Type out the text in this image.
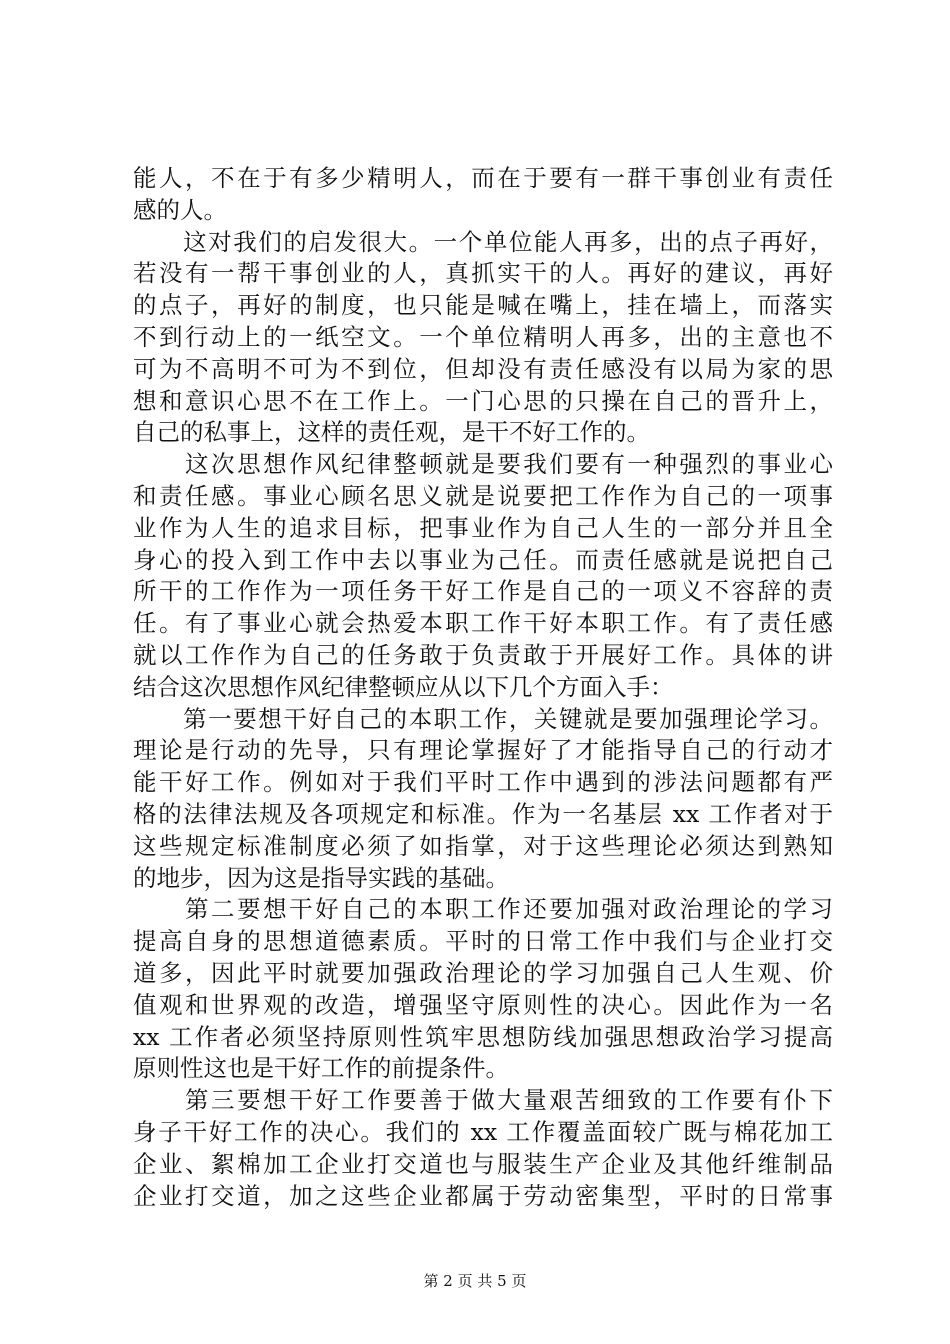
能人，不在于有多少精明人，而在于要有一群干事创业有责任
感的人。
　　这对我们的启发很大。一个单位能人再多，出的点子再好，
若没有一帮干事创业的人，真抓实干的人。再好的建议，再好
的点子，再好的制度，也只能是喊在嘴上，挂在墙上，而落实
不到行动上的一纸空文。一个单位精明人再多，出的主意也不
可为不高明不可为不到位，但却没有责任感没有以局为家的思
想和意识心思不在工作上。一门心思的只操在自己的晋升上，
自己的私事上，这样的责任观，是干不好工作的。
　　这次思想作风纪律整顿就是要我们要有一种强烈的事业心
和责任感。事业心顾名思义就是说要把工作作为自己的一项事
业作为人生的追求目标，把事业作为自己人生的一部分并且全
身心的投入到工作中去以事业为己任。而责任感就是说把自己
所干的工作作为一项任务干好工作是自己的一项义不容辞的责
任。有了事业心就会热爱本职工作干好本职工作。有了责任感
就以工作作为自己的任务敢于负责敢于开展好工作。具体的讲
结合这次思想作风纪律整顿应从以下几个方面入手：
　　第一要想干好自己的本职工作，关键就是要加强理论学习。
理论是行动的先导，只有理论掌握好了才能指导自己的行动才
能干好工作。例如对于我们平时工作中遇到的涉法问题都有严
格的法律法规及各项规定和标准。作为一名基层 xx 工作者对于
这些规定标准制度必须了如指掌，对于这些理论必须达到熟知
的地步，因为这是指导实践的基础。
　　第二要想干好自己的本职工作还要加强对政治理论的学习
提高自身的思想道德素质。平时的日常工作中我们与企业打交
道多，因此平时就要加强政治理论的学习加强自己人生观、价
值观和世界观的改造，增强坚守原则性的决心。因此作为一名
xx 工作者必须坚持原则性筑牢思想防线加强思想政治学习提高
原则性这也是干好工作的前提条件。
　　第三要想干好工作要善于做大量艰苦细致的工作要有仆下
身子干好工作的决心。我们的 xx 工作覆盖面较广既与棉花加工
企业、絮棉加工企业打交道也与服装生产企业及其他纤维制品
企业打交道，加之这些企业都属于劳动密集型，平时的日常事
第 2 页 共 5 页
